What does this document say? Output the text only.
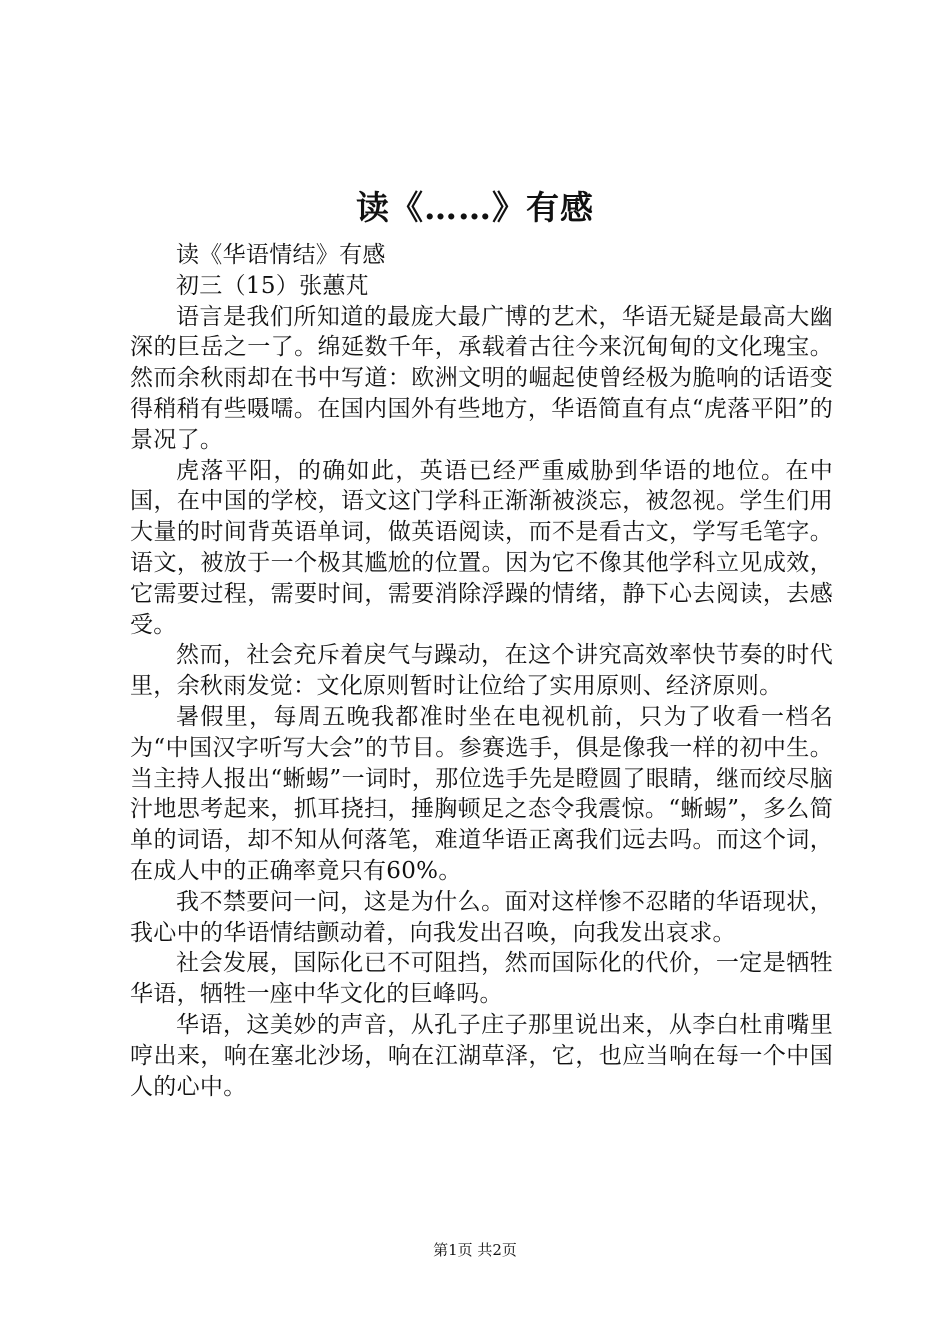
读《……》有感

读《华语情结》有感

初三（15）张蕙芃

语言是我们所知道的最庞大最广博的艺术，华语无疑是最高大幽深的巨岳之一了。绵延数千年，承载着古往今来沉甸甸的文化瑰宝。然而余秋雨却在书中写道：欧洲文明的崛起使曾经极为脆响的话语变得稍稍有些嗫嚅。在国内国外有些地方，华语简直有点“虎落平阳”的景况了。

虎落平阳，的确如此，英语已经严重威胁到华语的地位。在中国，在中国的学校，语文这门学科正渐渐被淡忘，被忽视。学生们用大量的时间背英语单词，做英语阅读，而不是看古文，学写毛笔字。语文，被放于一个极其尴尬的位置。因为它不像其他学科立见成效，它需要过程，需要时间，需要消除浮躁的情绪，静下心去阅读，去感受。

然而，社会充斥着戾气与躁动，在这个讲究高效率快节奏的时代里，余秋雨发觉：文化原则暂时让位给了实用原则、经济原则。

暑假里，每周五晚我都准时坐在电视机前，只为了收看一档名为“中国汉字听写大会”的节目。参赛选手，俱是像我一样的初中生。当主持人报出“蜥蜴”一词时，那位选手先是瞪圆了眼睛，继而绞尽脑汁地思考起来，抓耳挠扫，捶胸顿足之态令我震惊。“蜥蜴”，多么简单的词语，却不知从何落笔，难道华语正离我们远去吗。而这个词，在成人中的正确率竟只有60%。

我不禁要问一问，这是为什么。面对这样惨不忍睹的华语现状，我心中的华语情结颤动着，向我发出召唤，向我发出哀求。

社会发展，国际化已不可阻挡，然而国际化的代价，一定是牺牲华语，牺牲一座中华文化的巨峰吗。

华语，这美妙的声音，从孔子庄子那里说出来，从李白杜甫嘴里哼出来，响在塞北沙场，响在江湖草泽，它，也应当响在每一个中国人的心中。

第1页 共2页
